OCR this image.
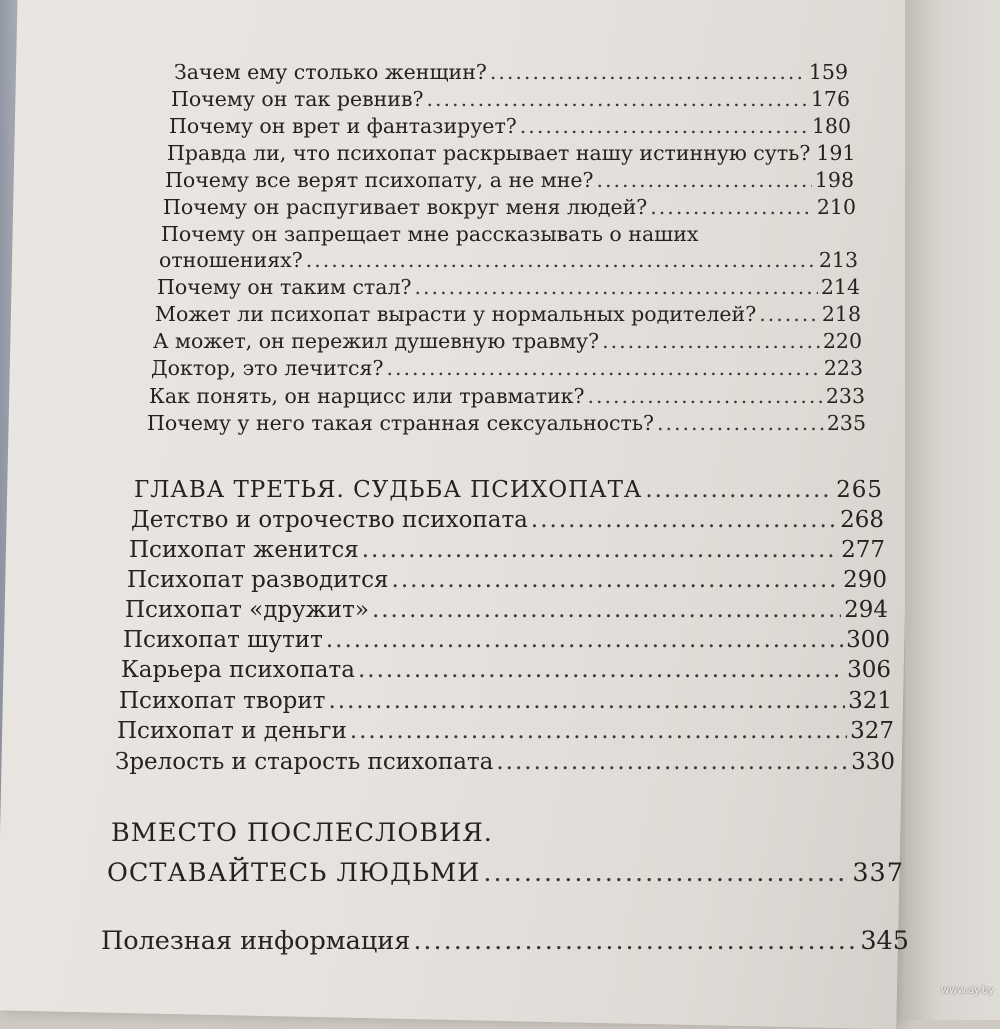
Зачем ему столько женщин? .....	159
Почему он так ревнив? .....	176
Почему он врет и фантазирует? .....	180
Правда ли, что психопат раскрывает нашу истинную суть? 191
Почему все верят психопату, а не мне? .....	198
Почему он распугивает вокруг меня людей? .....	210
Почему он запрещает мне рассказывать о наших
отношениях? .....	213
Почему он таким стал? .....	214
Может ли психопат вырасти у нормальных родителей? .....	218
А может, он пережил душевную травму? .....	220
Доктор, это лечится? .....	223
Как понять, он нарцисс или травматик? .....	233
Почему у него такая странная сексуальность? .....	235
ГЛАВА ТРЕТЬЯ. СУДЬБА ПСИХОПАТА .....	265
Детство и отрочество психопата .....	268
Психопат женится .....	277
Психопат разводится .....	290
Психопат «дружит» .....	294
Психопат шутит .....	300
Карьера психопата .....	306
Психопат творит .....	321
Психопат и деньги .....	327
Зрелость и старость психопата .....	330
ВМЕСТО ПОСЛЕСЛОВИЯ.
ОСТАВАЙТЕСЬ ЛЮДЬМИ .....	337
Полезная информация .....	345
www.ay.by
